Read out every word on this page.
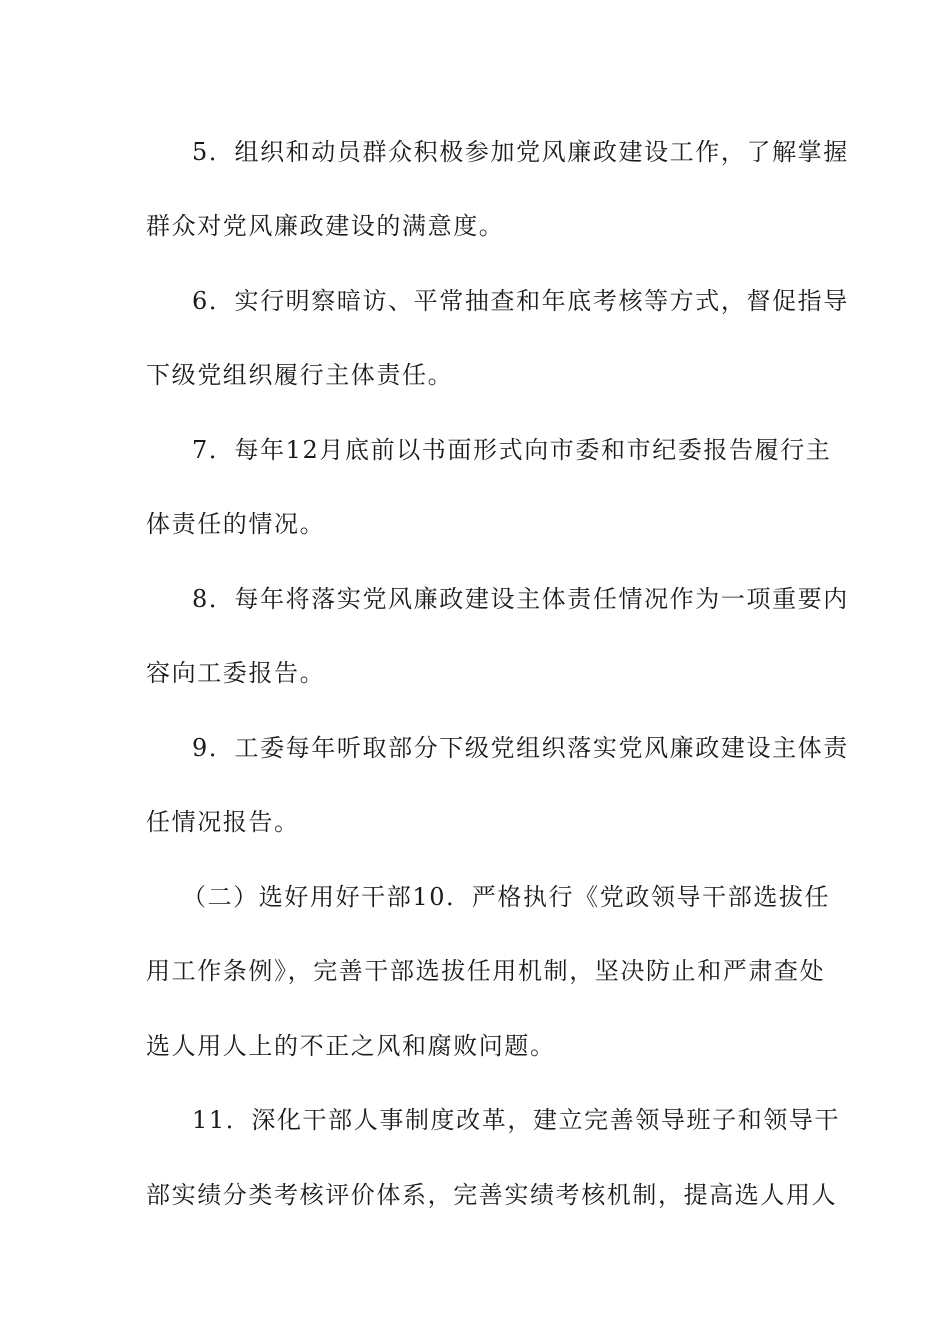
5．组织和动员群众积极参加党风廉政建设工作，了解掌握
群众对党风廉政建设的满意度。
6．实行明察暗访、平常抽查和年底考核等方式，督促指导
下级党组织履行主体责任。
7．每年12月底前以书面形式向市委和市纪委报告履行主
体责任的情况。
8．每年将落实党风廉政建设主体责任情况作为一项重要内
容向工委报告。
9．工委每年听取部分下级党组织落实党风廉政建设主体责
任情况报告。
（二）选好用好干部10．严格执行《党政领导干部选拔任
用工作条例》，完善干部选拔任用机制，坚决防止和严肃查处
选人用人上的不正之风和腐败问题。
11．深化干部人事制度改革，建立完善领导班子和领导干
部实绩分类考核评价体系，完善实绩考核机制，提高选人用人
